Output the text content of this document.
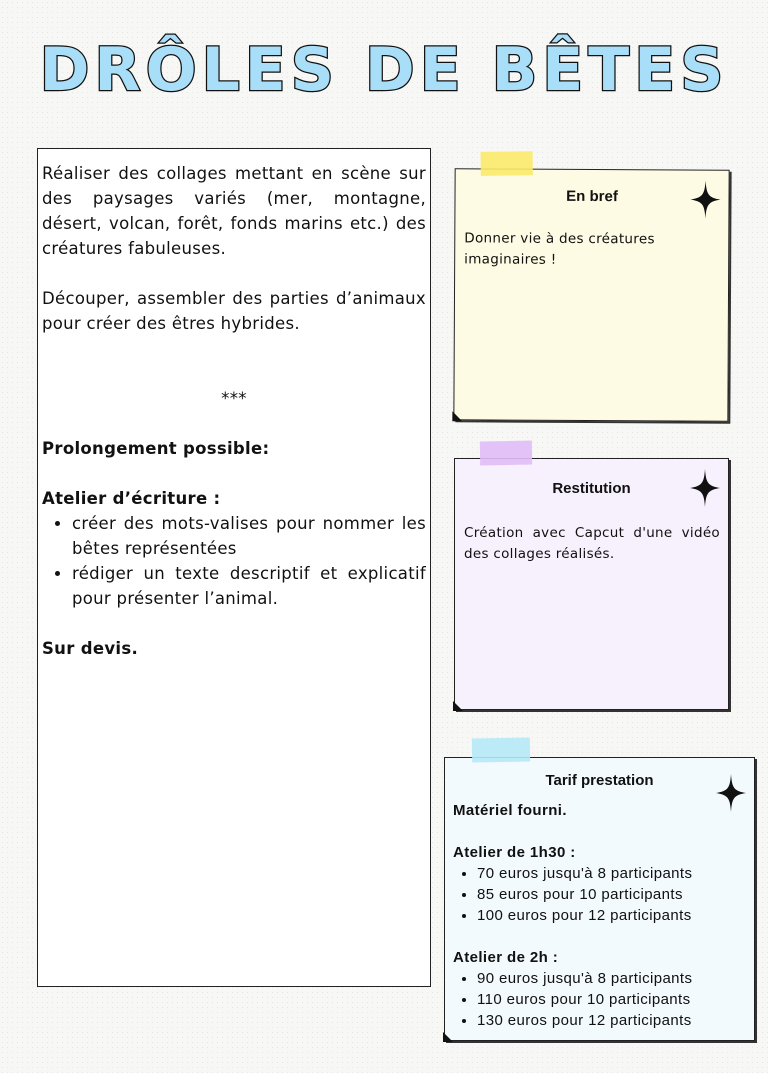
DRÔLES DE BÊTES

Réaliser des collages mettant en scène sur des paysages variés (mer, montagne, désert, volcan, forêt, fonds marins etc.) des créatures fabuleuses.

Découper, assembler des parties d’animaux pour créer des êtres hybrides.

***

Prolongement possible:

Atelier d’écriture :

• créer des mots-valises pour nommer les bêtes représentées
• rédiger un texte descriptif et explicatif pour présenter l’animal.

Sur devis.

En bref
Donner vie à des créatures imaginaires !
Restitution
Création avec Capcut d'une vidéo des collages réalisés.
Tarif prestation

Matériel fourni.

Atelier de 1h30 :

• 70 euros jusqu'à 8 participants
• 85 euros pour 10 participants
• 100 euros pour 12 participants

Atelier de 2h :

• 90 euros jusqu'à 8 participants
• 110 euros pour 10 participants
• 130 euros pour 12 participants
